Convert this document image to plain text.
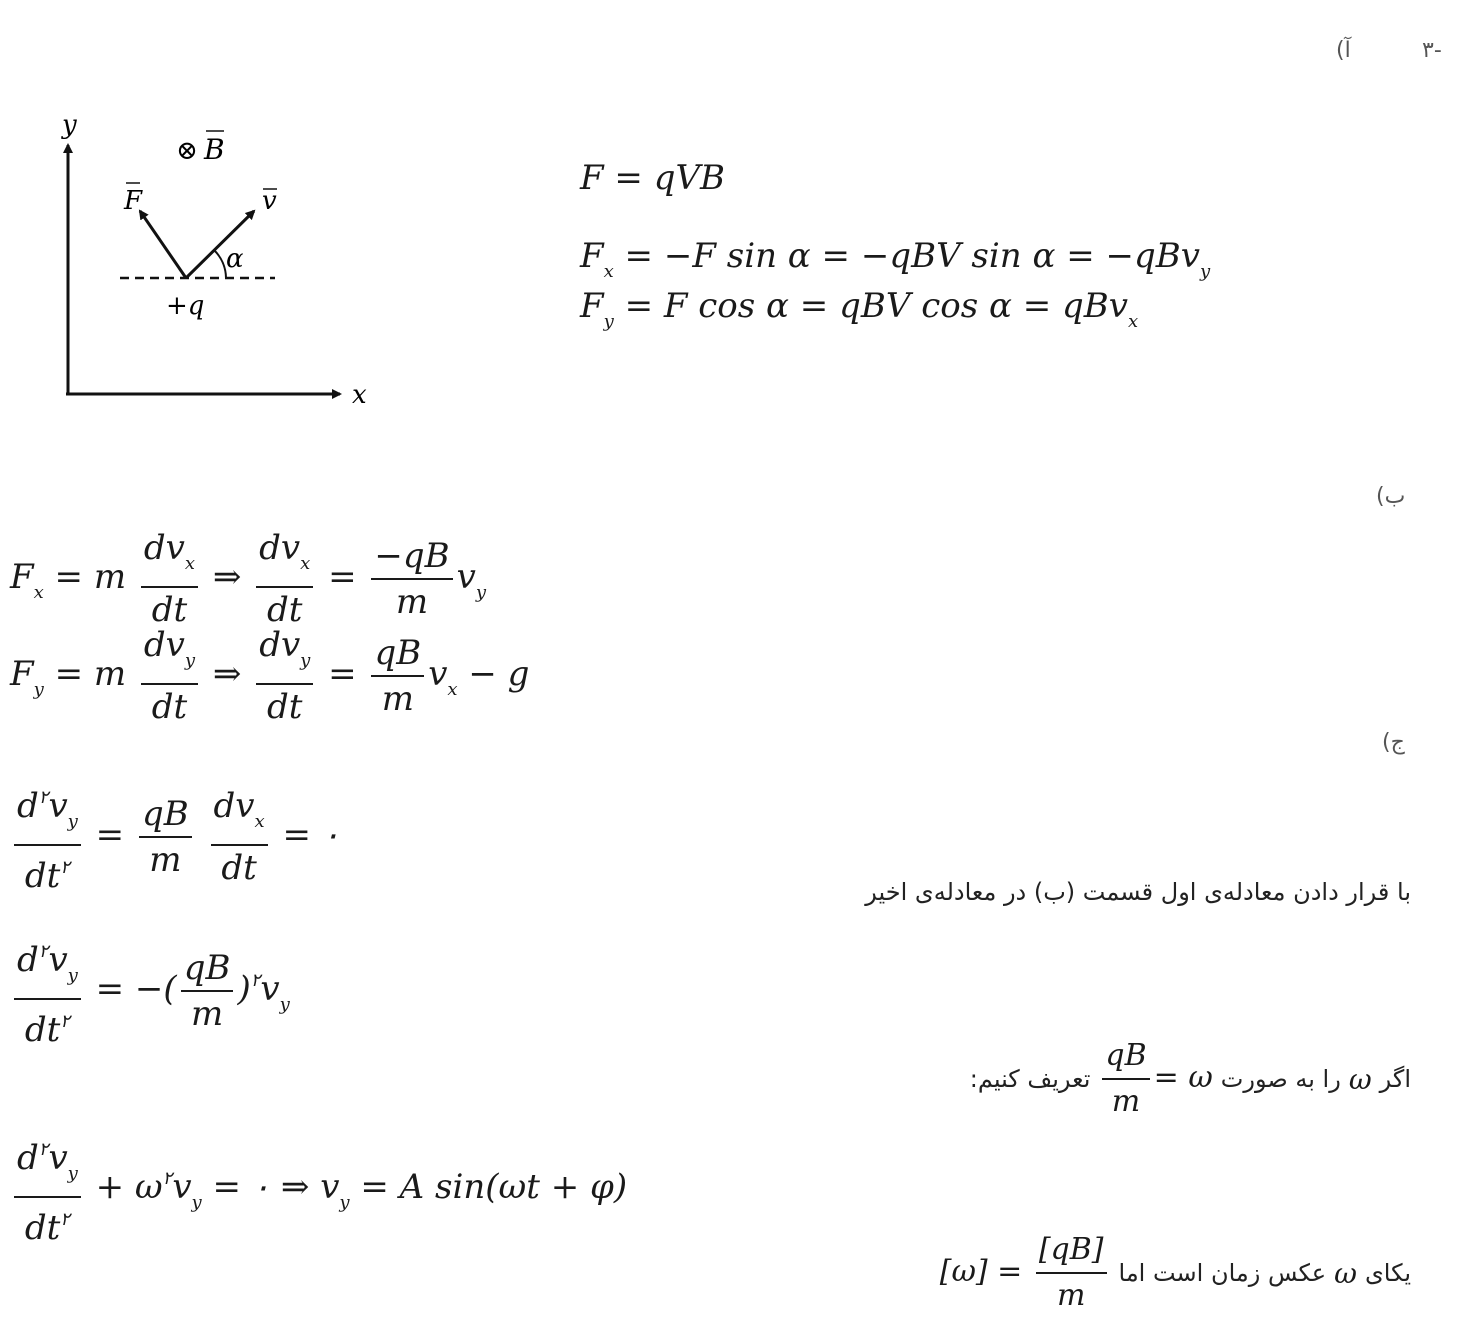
-۳
آ)
y
x
⊗ B
F	v
α
+q
F = qVB
$F_x = -F$ sin α = −qBV sin α = −qBv$_y$
$F_y = F$ cos α = qBV cos α = qBv$_x$
ب)
$F_x = m \frac{dv_x}{dt}$ ⇒ $\frac{dv_x}{dt} = \frac{-qB}{m} v_y$
$F_y = m \frac{dv_y}{dt}$ ⇒ $\frac{dv_y}{dt} = \frac{qB}{m} v_x - g$
ج)
$\frac{d^۲v_y}{dt^۲} = \frac{qB}{m}$
$\frac{dv_x}{dt}$ = ۰
با قرار دادن معادله‌ی اول قسمت (ب) در معادله‌ی اخیر
$\frac{d^۲v_y}{dt^۲}$ = −( $\frac{qB}{m} )^۲v_y$
اگر
ω
را به صورت
$\frac{qB}{m} = \omega$
تعریف کنیم:
$\frac{d^۲v_y}{dt^۲} + \omega^۲v_y$ = ۰ ⇒ $v_y = A$ sin(ωt + φ)
یکای
ω
عکس زمان است اما
$[\omega] = \frac{[qB]}{m}$
